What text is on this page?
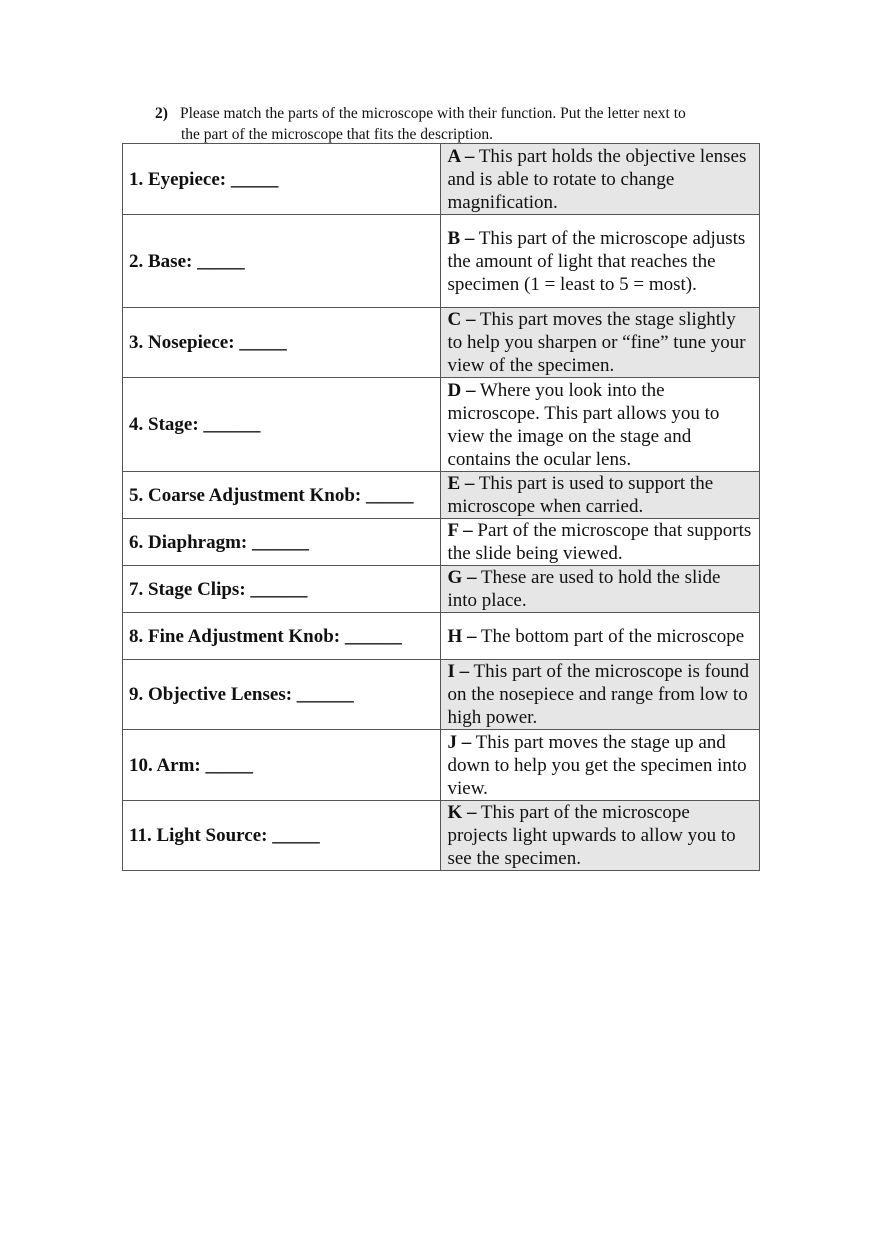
2) Please match the parts of the microscope with their function. Put the letter next to
the part of the microscope that fits the description.
1. Eyepiece: _____	A – This part holds the objective lenses and is able to rotate to change magnification.
2. Base: _____	B – This part of the microscope adjusts the amount of light that reaches the specimen (1 = least to 5 = most).
3. Nosepiece: _____	C – This part moves the stage slightly to help you sharpen or “fine” tune your view of the specimen.
4. Stage: ______	D – Where you look into the microscope. This part allows you to view the image on the stage and contains the ocular lens.
5. Coarse Adjustment Knob: _____	E – This part is used to support the microscope when carried.
6. Diaphragm: ______	F – Part of the microscope that supports the slide being viewed.
7. Stage Clips: ______	G – These are used to hold the slide into place.
8. Fine Adjustment Knob: ______	H – The bottom part of the microscope
9. Objective Lenses: ______	I – This part of the microscope is found on the nosepiece and range from low to high power.
10. Arm: _____	J – This part moves the stage up and down to help you get the specimen into view.
11. Light Source: _____	K – This part of the microscope projects light upwards to allow you to see the specimen.
